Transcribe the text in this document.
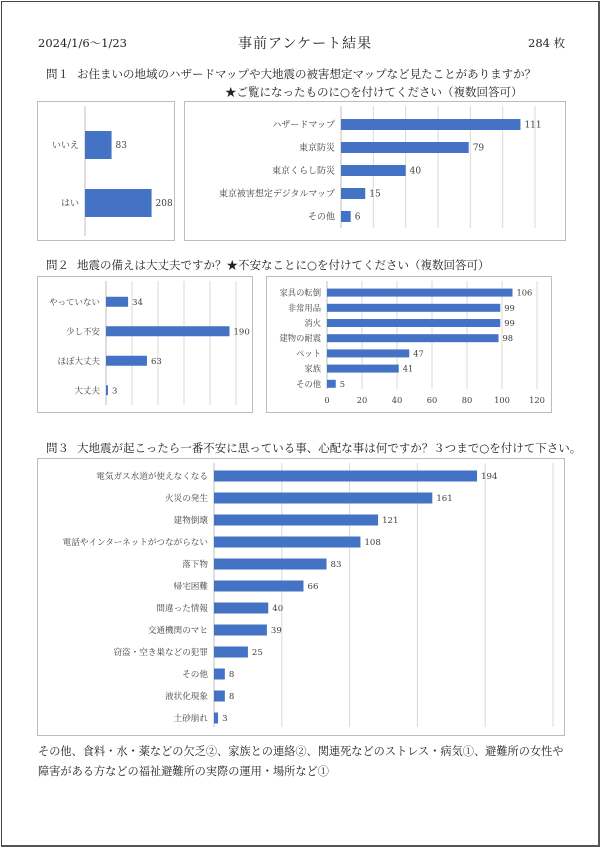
2024/1/6～1/23	事前アンケート結果	284 枚
問１ お住まいの地域のハザードマップや大地震の被害想定マップなど見たことがありますか？
★ご覧になったものに○を付けてください（複数回答可）
いいえ	83
はい	208
ハザードマップ	111
東京防災	79
東京くらし防災	40
東京被害想定デジタルマップ	15
その他 6
問２ 地震の備えは大丈夫ですか？★不安なことに○を付けてください（複数回答可）
やっていない	34
少し不安	190
ほぼ大丈夫	63
大丈夫 3
家具の転倒	106
非常用品	99
消火	99
建物の耐震	98
ペット	47
家族	41
その他 5
0	20	40	60	80	100 120
問３ 大地震が起こったら一番不安に思っている事、心配な事は何ですか？３つまで○を付けて下さい。
電気ガス水道が使えなくなる	194
火災の発生	161
建物倒壊	121
電話やインターネットがつながらない	108
落下物	83
帰宅困難	66
間違った情報	40
交通機関のマヒ	39
窃盗・空き巣などの犯罪	25
その他 8
液状化現象 8
土砂崩れ 3
その他、食料・水・薬などの欠乏②、家族との連絡②、関連死などのストレス・病気①、避難所の女性や障害がある方などの福祉避難所の実際の運用・場所など①
